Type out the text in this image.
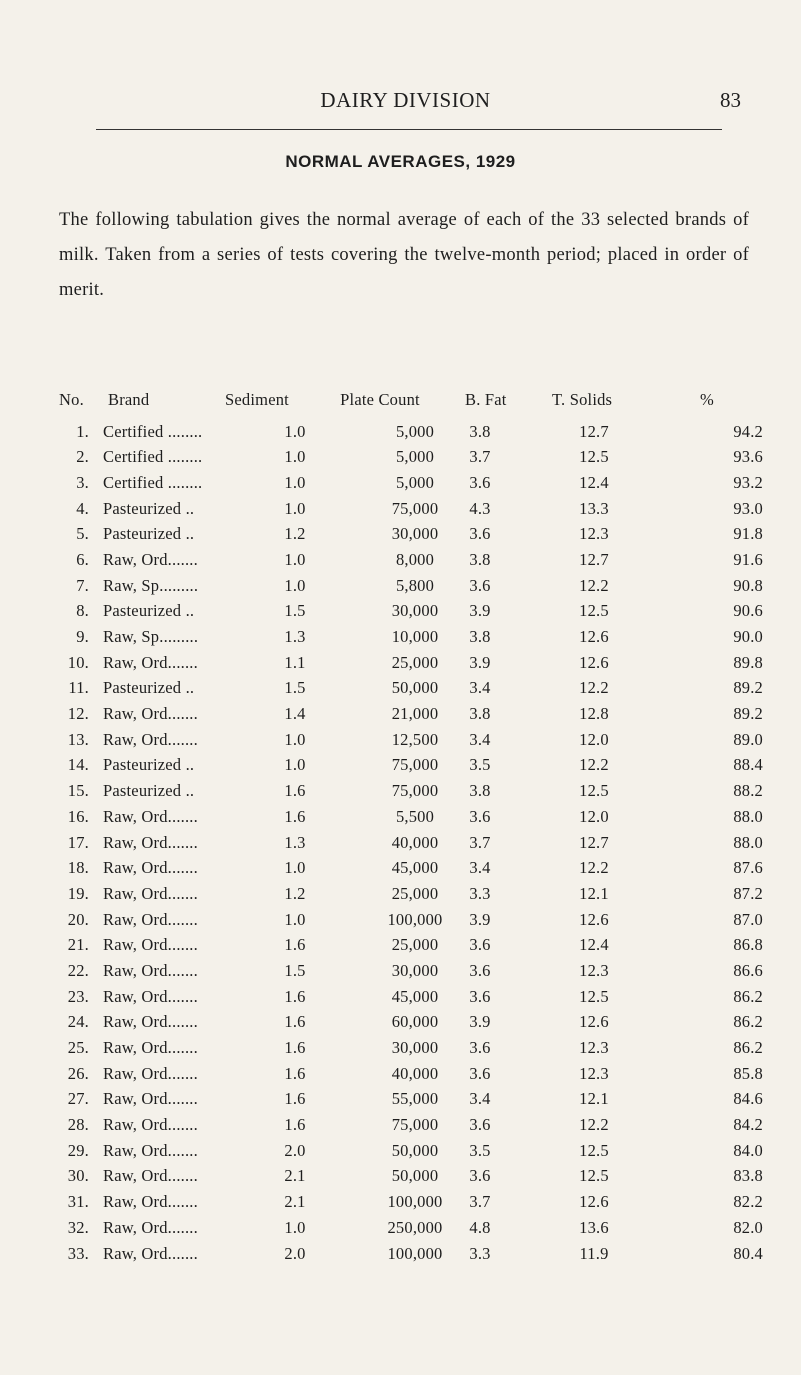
DAIRY DIVISION	83
NORMAL AVERAGES, 1929

The following tabulation gives the normal average of each of the 33 selected brands of milk. Taken from a series of tests covering the twelve-month period; placed in order of merit.

No. Brand	Sediment	Plate Count	B. Fat	T. Solids	%
1. Certified ........	1.0	5,000	3.8	12.7	94.2
2. Certified ........	1.0	5,000	3.7	12.5	93.6
3. Certified ........	1.0	5,000	3.6	12.4	93.2
4. Pasteurized ..	1.0	75,000	4.3	13.3	93.0
5. Pasteurized ..	1.2	30,000	3.6	12.3	91.8
6. Raw, Ord.......	1.0	8,000	3.8	12.7	91.6
7. Raw, Sp.........	1.0	5,800	3.6	12.2	90.8
8. Pasteurized ..	1.5	30,000	3.9	12.5	90.6
9. Raw, Sp.........	1.3	10,000	3.8	12.6	90.0
10. Raw, Ord.......	1.1	25,000	3.9	12.6	89.8
11. Pasteurized ..	1.5	50,000	3.4	12.2	89.2
12. Raw, Ord.......	1.4	21,000	3.8	12.8	89.2
13. Raw, Ord.......	1.0	12,500	3.4	12.0	89.0
14. Pasteurized ..	1.0	75,000	3.5	12.2	88.4
15. Pasteurized ..	1.6	75,000	3.8	12.5	88.2
16. Raw, Ord.......	1.6	5,500	3.6	12.0	88.0
17. Raw, Ord.......	1.3	40,000	3.7	12.7	88.0
18. Raw, Ord.......	1.0	45,000	3.4	12.2	87.6
19. Raw, Ord.......	1.2	25,000	3.3	12.1	87.2
20. Raw, Ord.......	1.0	100,000	3.9	12.6	87.0
21. Raw, Ord.......	1.6	25,000	3.6	12.4	86.8
22. Raw, Ord.......	1.5	30,000	3.6	12.3	86.6
23. Raw, Ord.......	1.6	45,000	3.6	12.5	86.2
24. Raw, Ord.......	1.6	60,000	3.9	12.6	86.2
25. Raw, Ord.......	1.6	30,000	3.6	12.3	86.2
26. Raw, Ord.......	1.6	40,000	3.6	12.3	85.8
27. Raw, Ord.......	1.6	55,000	3.4	12.1	84.6
28. Raw, Ord.......	1.6	75,000	3.6	12.2	84.2
29. Raw, Ord.......	2.0	50,000	3.5	12.5	84.0
30. Raw, Ord.......	2.1	50,000	3.6	12.5	83.8
31. Raw, Ord.......	2.1	100,000	3.7	12.6	82.2
32. Raw, Ord.......	1.0	250,000	4.8	13.6	82.0
33. Raw, Ord.......	2.0	100,000	3.3	11.9	80.4
